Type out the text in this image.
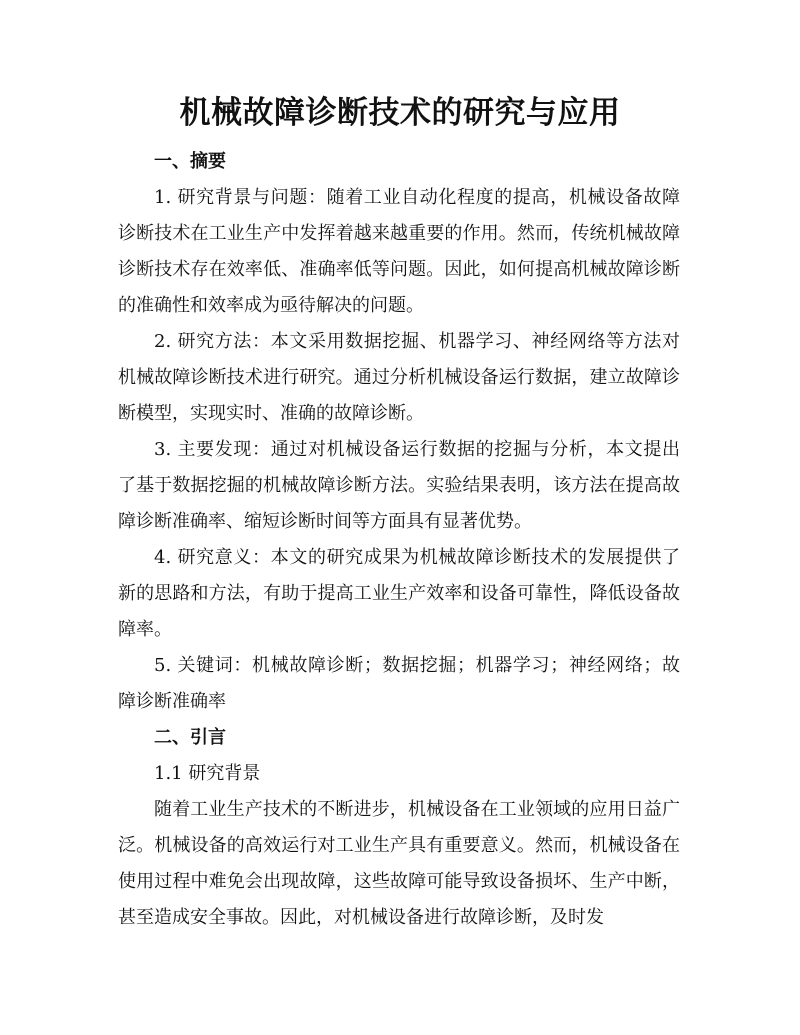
机械故障诊断技术的研究与应用

一、摘要

1. 研究背景与问题：随着工业自动化程度的提高，机械设备故障诊断技术在工业生产中发挥着越来越重要的作用。然而，传统机械故障诊断技术存在效率低、准确率低等问题。因此，如何提高机械故障诊断的准确性和效率成为亟待解决的问题。

2. 研究方法：本文采用数据挖掘、机器学习、神经网络等方法对机械故障诊断技术进行研究。通过分析机械设备运行数据，建立故障诊断模型，实现实时、准确的故障诊断。

3. 主要发现：通过对机械设备运行数据的挖掘与分析，本文提出了基于数据挖掘的机械故障诊断方法。实验结果表明，该方法在提高故障诊断准确率、缩短诊断时间等方面具有显著优势。

4. 研究意义：本文的研究成果为机械故障诊断技术的发展提供了新的思路和方法，有助于提高工业生产效率和设备可靠性，降低设备故障率。

5. 关键词：机械故障诊断；数据挖掘；机器学习；神经网络；故障诊断准确率

二、引言

1.1 研究背景

随着工业生产技术的不断进步，机械设备在工业领域的应用日益广泛。机械设备的高效运行对工业生产具有重要意义。然而，机械设备在使用过程中难免会出现故障，这些故障可能导致设备损坏、生产中断，甚至造成安全事故。因此，对机械设备进行故障诊断，及时发
